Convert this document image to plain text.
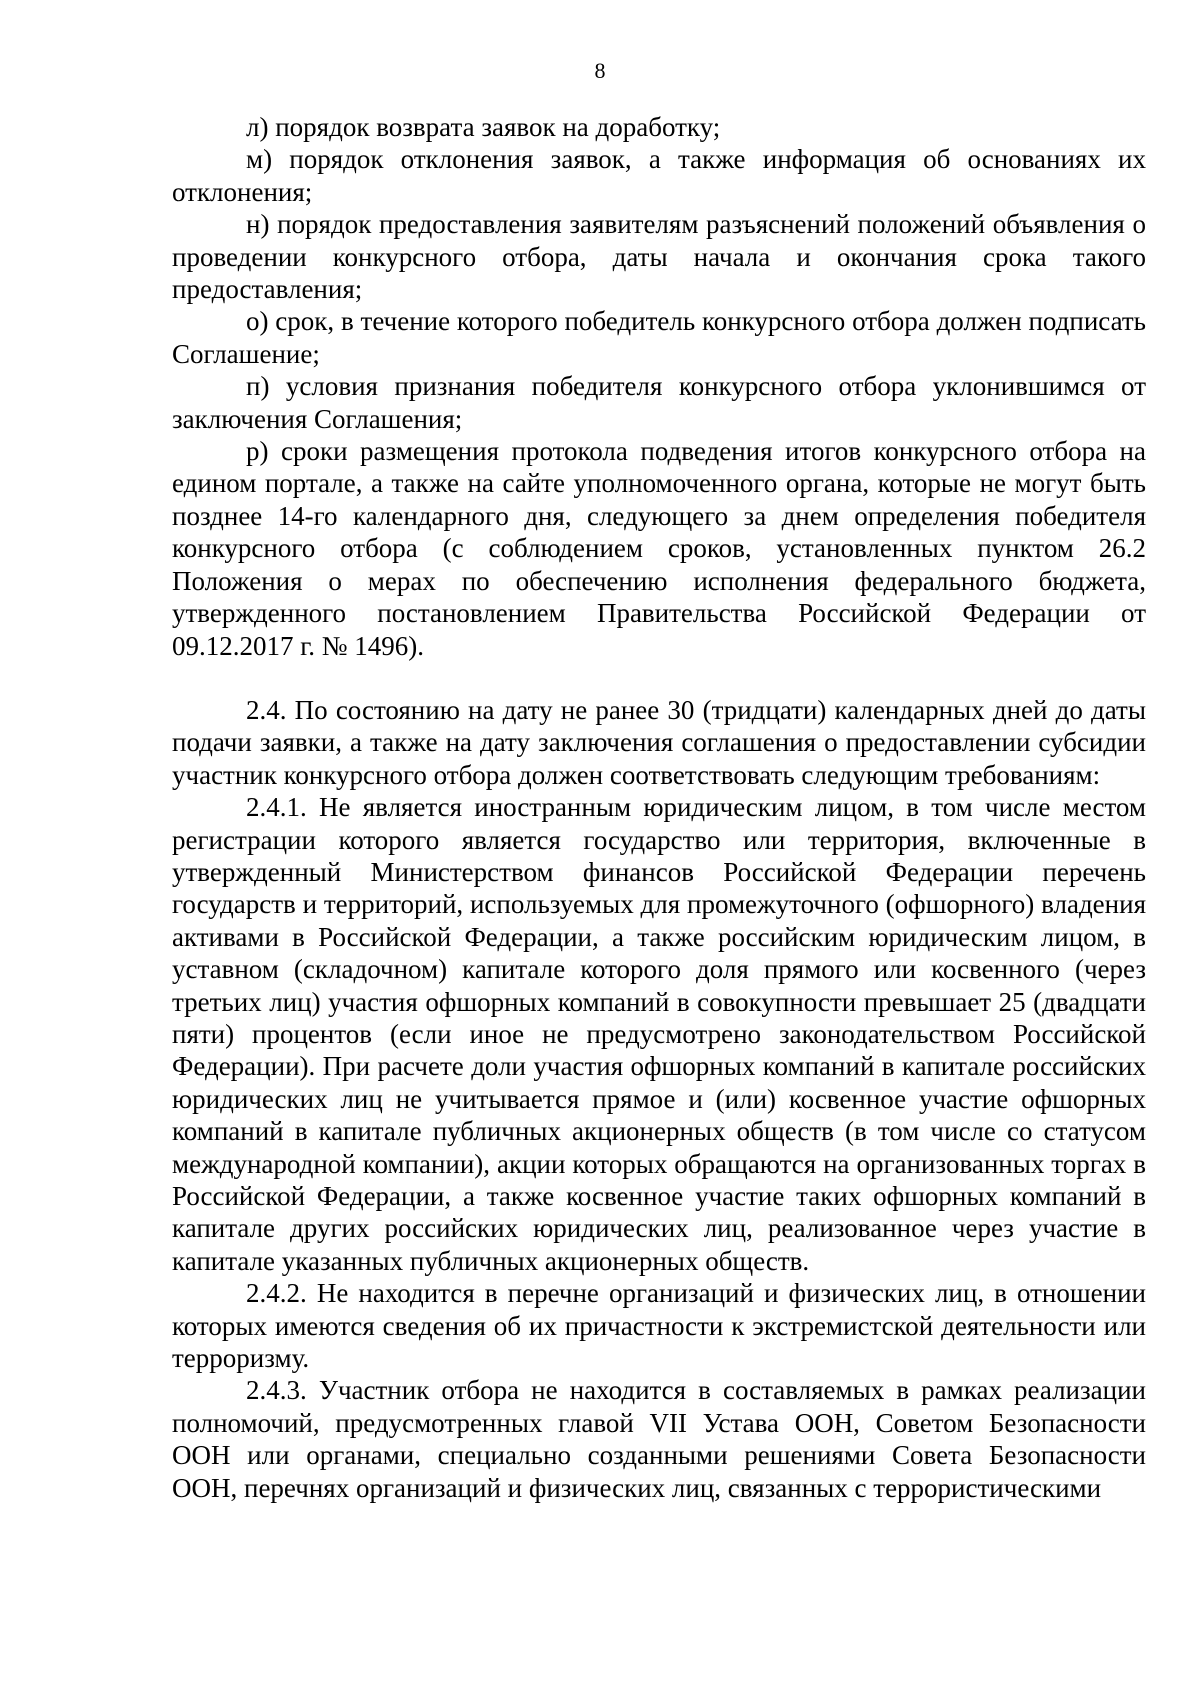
8

л) порядок возврата заявок на доработку;

м) порядок отклонения заявок, а также информация об основаниях их отклонения;

н) порядок предоставления заявителям разъяснений положений объявления о проведении конкурсного отбора, даты начала и окончания срока такого предоставления;

о) срок, в течение которого победитель конкурсного отбора должен подписать Соглашение;

п) условия признания победителя конкурсного отбора уклонившимся от заключения Соглашения;

р) сроки размещения протокола подведения итогов конкурсного отбора на едином портале, а также на сайте уполномоченного органа, которые не могут быть позднее 14-го календарного дня, следующего за днем определения победителя конкурсного отбора (с соблюдением сроков, установленных пунктом 26.2 Положения о мерах по обеспечению исполнения федерального бюджета, утвержденного постановлением Правительства Российской Федерации от 09.12.2017 г. № 1496).

2.4. По состоянию на дату не ранее 30 (тридцати) календарных дней до даты подачи заявки, а также на дату заключения соглашения о предоставлении субсидии участник конкурсного отбора должен соответствовать следующим требованиям:

2.4.1. Не является иностранным юридическим лицом, в том числе местом регистрации которого является государство или территория, включенные в утвержденный Министерством финансов Российской Федерации перечень государств и территорий, используемых для промежуточного (офшорного) владения активами в Российской Федерации, а также российским юридическим лицом, в уставном (складочном) капитале которого доля прямого или косвенного (через третьих лиц) участия офшорных компаний в совокупности превышает 25 (двадцати пяти) процентов (если иное не предусмотрено законодательством Российской Федерации). При расчете доли участия офшорных компаний в капитале российских юридических лиц не учитывается прямое и (или) косвенное участие офшорных компаний в капитале публичных акционерных обществ (в том числе со статусом международной компании), акции которых обращаются на организованных торгах в Российской Федерации, а также косвенное участие таких офшорных компаний в капитале других российских юридических лиц, реализованное через участие в капитале указанных публичных акционерных обществ.

2.4.2. Не находится в перечне организаций и физических лиц, в отношении которых имеются сведения об их причастности к экстремистской деятельности или терроризму.

2.4.3. Участник отбора не находится в составляемых в рамках реализации полномочий, предусмотренных главой VII Устава ООН, Советом Безопасности ООН или органами, специально созданными решениями Совета Безопасности ООН, перечнях организаций и физических лиц, связанных с террористическими
